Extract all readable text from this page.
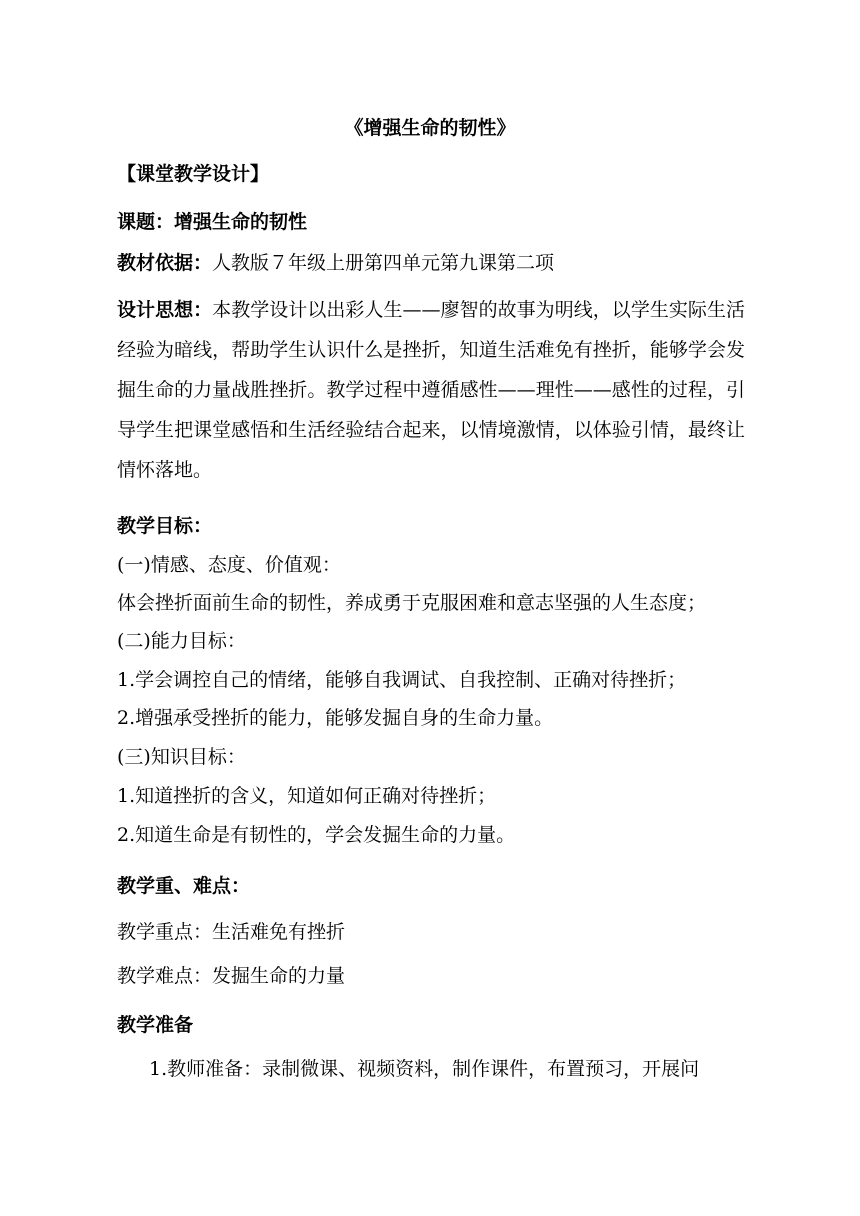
《增强生命的韧性》
【课堂教学设计】
课题：增强生命的韧性
教材依据：人教版７年级上册第四单元第九课第二项
设计思想：本教学设计以出彩人生——廖智的故事为明线，以学生实际生活经验为暗线，帮助学生认识什么是挫折，知道生活难免有挫折，能够学会发掘生命的力量战胜挫折。教学过程中遵循感性——理性——感性的过程，引导学生把课堂感悟和生活经验结合起来，以情境激情，以体验引情，最终让情怀落地。
教学目标：
(一)情感、态度、价值观：
体会挫折面前生命的韧性，养成勇于克服困难和意志坚强的人生态度；
(二)能力目标：
1.学会调控自己的情绪，能够自我调试、自我控制、正确对待挫折；
2.增强承受挫折的能力，能够发掘自身的生命力量。
(三)知识目标：
1.知道挫折的含义，知道如何正确对待挫折；
2.知道生命是有韧性的，学会发掘生命的力量。
教学重、难点：
教学重点：生活难免有挫折
教学难点：发掘生命的力量
教学准备
1.教师准备：录制微课、视频资料，制作课件，布置预习，开展问
